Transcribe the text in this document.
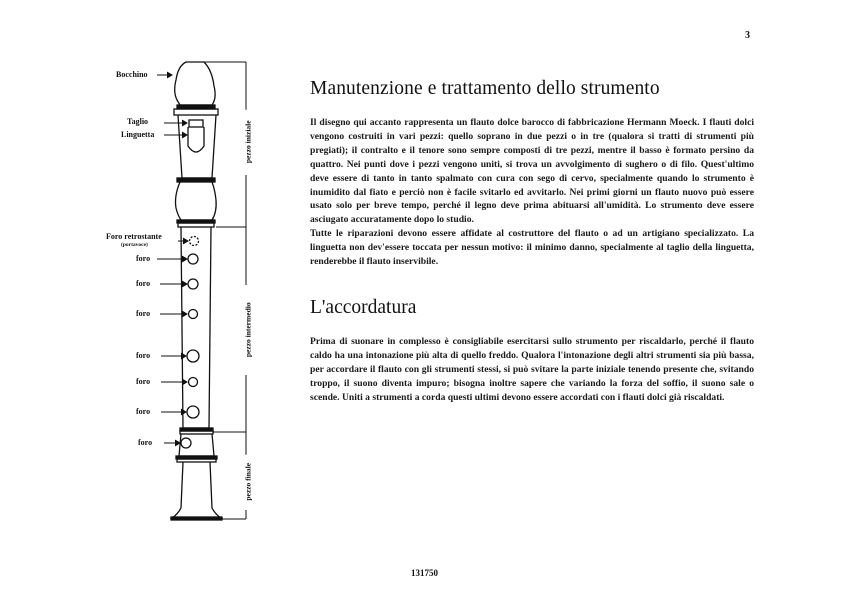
3
Bocchino
Taglio
Linguetta
Foro retrostante
(portavoce)
foro
foro
foro
foro
foro
foro
foro
pezzo iniziale
pezzo intermedio
pezzo finale
Manutenzione e trattamento dello strumento

Il disegno qui accanto rappresenta un flauto dolce barocco di fabbricazione Hermann Moeck. I flauti dolci vengono costruiti in vari pezzi: quello soprano in due pezzi o in tre (qualora si tratti di strumenti più pregiati); il contralto e il tenore sono sempre composti di tre pezzi, mentre il basso è formato persino da quattro. Nei punti dove i pezzi vengono uniti, si trova un avvolgimento di sughero o di filo. Quest'ultimo deve essere di tanto in tanto spalmato con cura con sego di cervo, specialmente quando lo strumento è inumidito dal fiato e perciò non è facile svitarlo ed avvitarlo. Nei primi giorni un flauto nuovo può essere usato solo per breve tempo, perché il legno deve prima abituarsi all'umidità. Lo strumento deve essere asciugato accuratamente dopo lo studio.

Tutte le riparazioni devono essere affidate al costruttore del flauto o ad un artigiano specializzato. La linguetta non dev'essere toccata per nessun motivo: il minimo danno, specialmente al taglio della linguetta, renderebbe il flauto inservibile.

L'accordatura

Prima di suonare in complesso è consigliabile esercitarsi sullo strumento per riscaldarlo, perché il flauto caldo ha una intonazione più alta di quello freddo. Qualora l'intonazione degli altri strumenti sia più bassa, per accordare il flauto con gli strumenti stessi, si può svitare la parte iniziale tenendo presente che, svitando troppo, il suono diventa impuro; bisogna inoltre sapere che variando la forza del soffio, il suono sale o scende. Uniti a strumenti a corda questi ultimi devono essere accordati con i flauti dolci già riscaldati.

131750
